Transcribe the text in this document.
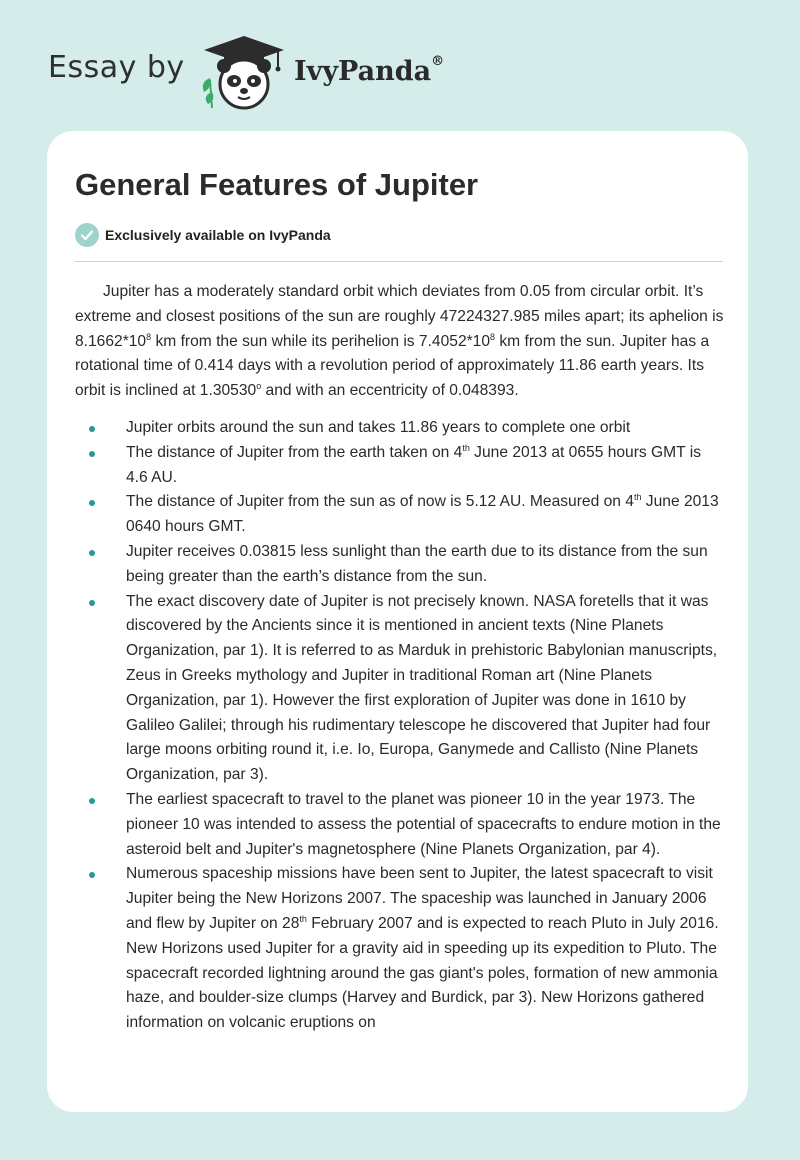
Essay by	IvyPanda®
General Features of Jupiter
Exclusively available on IvyPanda

Jupiter has a moderately standard orbit which deviates from 0.05 from circular orbit. It’s extreme and closest positions of the sun are roughly 47224327.985 miles apart; its aphelion is $8.1662*10^8$ km from the sun while its perihelion is $7.4052*10^8$ km from the sun. Jupiter has a rotational time of 0.414 days with a revolution period of approximately 11.86 earth years. Its orbit is inclined at 1.30530$^o$ and with an eccentricity of 0.048393.

Jupiter orbits around the sun and takes 11.86 years to complete one orbit
The distance of Jupiter from the earth taken on 4th June 2013 at 0655 hours GMT is 4.6 AU.
The distance of Jupiter from the sun as of now is 5.12 AU. Measured on 4th June 2013 0640 hours GMT.
Jupiter receives 0.03815 less sunlight than the earth due to its distance from the sun being greater than the earth’s distance from the sun.
The exact discovery date of Jupiter is not precisely known. NASA foretells that it was discovered by the Ancients since it is mentioned in ancient texts (Nine Planets Organization, par 1). It is referred to as Marduk in prehistoric Babylonian manuscripts, Zeus in Greeks mythology and Jupiter in traditional Roman art (Nine Planets Organization, par 1). However the first exploration of Jupiter was done in 1610 by Galileo Galilei; through his rudimentary telescope he discovered that Jupiter had four large moons orbiting round it, i.e. Io, Europa, Ganymede and Callisto (Nine Planets Organization, par 3).
The earliest spacecraft to travel to the planet was pioneer 10 in the year 1973. The pioneer 10 was intended to assess the potential of spacecrafts to endure motion in the asteroid belt and Jupiter's magnetosphere (Nine Planets Organization, par 4).
Numerous spaceship missions have been sent to Jupiter, the latest spacecraft to visit Jupiter being the New Horizons 2007. The spaceship was launched in January 2006 and flew by Jupiter on 28th February 2007 and is expected to reach Pluto in July 2016. New Horizons used Jupiter for a gravity aid in speeding up its expedition to Pluto. The spacecraft recorded lightning around the gas giant's poles, formation of new ammonia haze, and boulder-size clumps (Harvey and Burdick, par 3). New Horizons gathered information on volcanic eruptions on
